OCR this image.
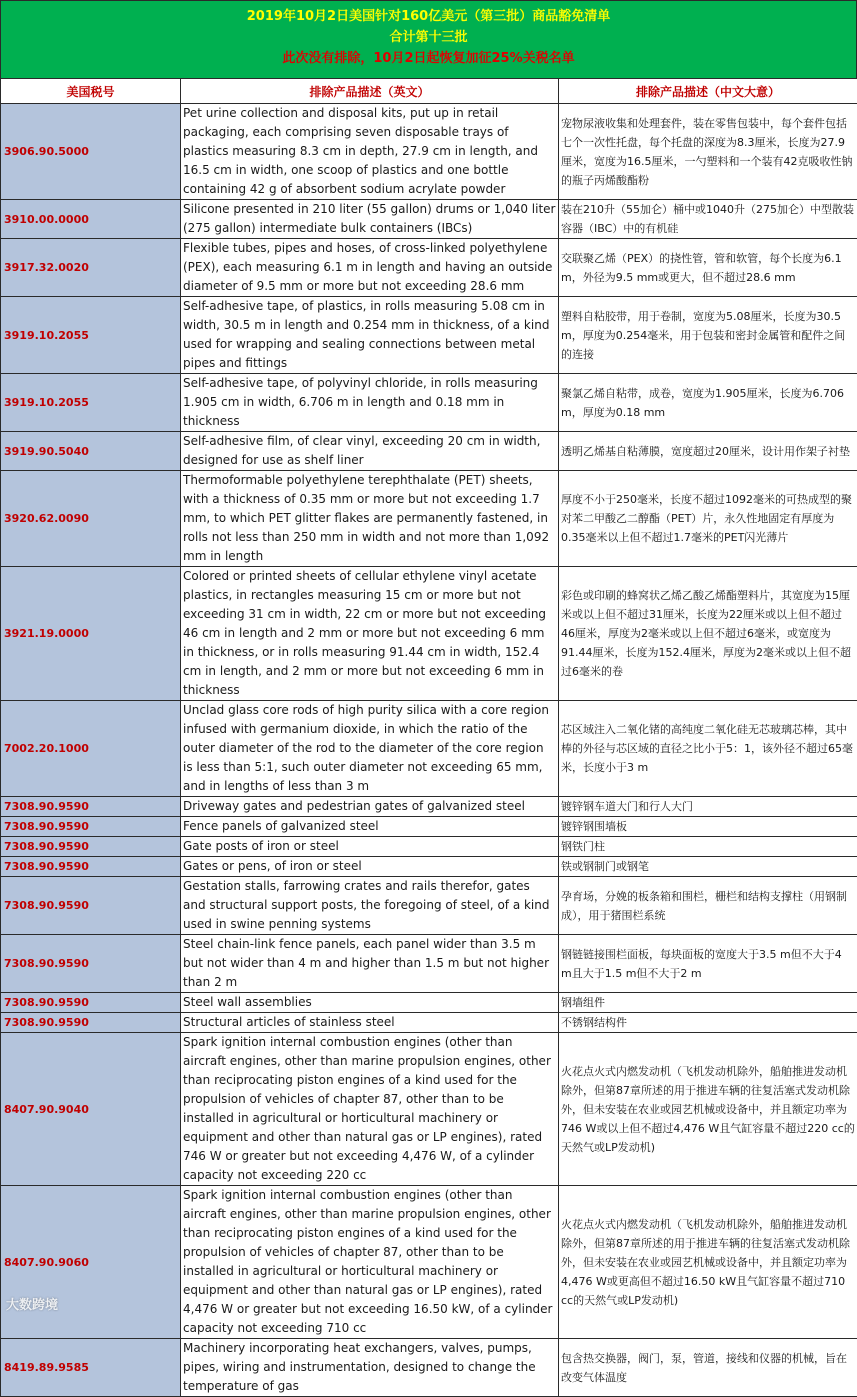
2019年10月2日美国针对160亿美元（第三批）商品豁免清单
合计第十三批
此次没有排除，10月2日起恢复加征25%关税名单
美国税号	排除产品描述（英文）	排除产品描述（中文大意）
3906.90.5000	Pet urine collection and disposal kits, put up in retail packaging, each comprising seven disposable trays of plastics measuring 8.3 cm in depth, 27.9 cm in length, and 16.5 cm in width, one scoop of plastics and one bottle containing 42 g of absorbent sodium acrylate powder	宠物尿液收集和处理套件，装在零售包装中，每个套件包括七个一次性托盘，每个托盘的深度为8.3厘米，长度为27.9厘米，宽度为16.5厘米，一勺塑料和一个装有42克吸收性钠的瓶子丙烯酸酯粉
3910.00.0000	Silicone presented in 210 liter (55 gallon) drums or 1,040 liter (275 gallon) intermediate bulk containers (IBCs)	装在210升（55加仑）桶中或1040升（275加仑）中型散装容器（IBC）中的有机硅
3917.32.0020	Flexible tubes, pipes and hoses, of cross-linked polyethylene (PEX), each measuring 6.1 m in length and having an outside diameter of 9.5 mm or more but not exceeding 28.6 mm	交联聚乙烯（PEX）的挠性管，管和软管，每个长度为6.1 m，外径为9.5 mm或更大，但不超过28.6 mm
3919.10.2055	Self-adhesive tape, of plastics, in rolls measuring 5.08 cm in width, 30.5 m in length and 0.254 mm in thickness, of a kind used for wrapping and sealing connections between metal pipes and fittings	塑料自粘胶带，用于卷制，宽度为5.08厘米，长度为30.5 m，厚度为0.254毫米，用于包装和密封金属管和配件之间的连接
3919.10.2055	Self-adhesive tape, of polyvinyl chloride, in rolls measuring 1.905 cm in width, 6.706 m in length and 0.18 mm in thickness	聚氯乙烯自粘带，成卷，宽度为1.905厘米，长度为6.706 m，厚度为0.18 mm
3919.90.5040	Self-adhesive film, of clear vinyl, exceeding 20 cm in width, designed for use as shelf liner	透明乙烯基自粘薄膜，宽度超过20厘米，设计用作架子衬垫
3920.62.0090	Thermoformable polyethylene terephthalate (PET) sheets, with a thickness of 0.35 mm or more but not exceeding 1.7 mm, to which PET glitter flakes are permanently fastened, in rolls not less than 250 mm in width and not more than 1,092 mm in length	厚度不小于250毫米，长度不超过1092毫米的可热成型的聚对苯二甲酸乙二醇酯（PET）片，永久性地固定有厚度为0.35毫米以上但不超过1.7毫米的PET闪光薄片
3921.19.0000	Colored or printed sheets of cellular ethylene vinyl acetate plastics, in rectangles measuring 15 cm or more but not exceeding 31 cm in width, 22 cm or more but not exceeding 46 cm in length and 2 mm or more but not exceeding 6 mm in thickness, or in rolls measuring 91.44 cm in width, 152.4 cm in length, and 2 mm or more but not exceeding 6 mm in thickness	彩色或印刷的蜂窝状乙烯乙酸乙烯酯塑料片，其宽度为15厘米或以上但不超过31厘米，长度为22厘米或以上但不超过46厘米，厚度为2毫米或以上但不超过6毫米，或宽度为91.44厘米，长度为152.4厘米，厚度为2毫米或以上但不超过6毫米的卷
7002.20.1000	Unclad glass core rods of high purity silica with a core region infused with germanium dioxide, in which the ratio of the outer diameter of the rod to the diameter of the core region is less than 5:1, such outer diameter not exceeding 65 mm, and in lengths of less than 3 m	芯区域注入二氧化锗的高纯度二氧化硅无芯玻璃芯棒，其中棒的外径与芯区域的直径之比小于5：1，该外径不超过65毫米，长度小于3 m
7308.90.9590	Driveway gates and pedestrian gates of galvanized steel	镀锌钢车道大门和行人大门
7308.90.9590	Fence panels of galvanized steel	镀锌钢围墙板
7308.90.9590	Gate posts of iron or steel	钢铁门柱
7308.90.9590	Gates or pens, of iron or steel	铁或钢制门或钢笔
7308.90.9590	Gestation stalls, farrowing crates and rails therefor, gates and structural support posts, the foregoing of steel, of a kind used in swine penning systems	孕育场，分娩的板条箱和围栏，栅栏和结构支撑柱（用钢制成），用于猪围栏系统
7308.90.9590	Steel chain-link fence panels, each panel wider than 3.5 m but not wider than 4 m and higher than 1.5 m but not higher than 2 m	钢链链接围栏面板，每块面板的宽度大于3.5 m但不大于4 m且大于1.5 m但不大于2 m
7308.90.9590	Steel wall assemblies	钢墙组件
7308.90.9590	Structural articles of stainless steel	不锈钢结构件
8407.90.9040	Spark ignition internal combustion engines (other than aircraft engines, other than marine propulsion engines, other than reciprocating piston engines of a kind used for the propulsion of vehicles of chapter 87, other than to be installed in agricultural or horticultural machinery or equipment and other than natural gas or LP engines), rated 746 W or greater but not exceeding 4,476 W, of a cylinder capacity not exceeding 220 cc	火花点火式内燃发动机（飞机发动机除外，船舶推进发动机除外，但第87章所述的用于推进车辆的往复活塞式发动机除外，但未安装在农业或园艺机械或设备中，并且额定功率为746 W或以上但不超过4,476 W且气缸容量不超过220 cc的天然气或LP发动机)
8407.90.9060	Spark ignition internal combustion engines (other than aircraft engines, other than marine propulsion engines, other than reciprocating piston engines of a kind used for the propulsion of vehicles of chapter 87, other than to be installed in agricultural or horticultural machinery or equipment and other than natural gas or LP engines), rated 4,476 W or greater but not exceeding 16.50 kW, of a cylinder capacity not exceeding 710 cc	火花点火式内燃发动机（飞机发动机除外，船舶推进发动机除外，但第87章所述的用于推进车辆的往复活塞式发动机除外，但未安装在农业或园艺机械或设备中，并且额定功率为4,476 W或更高但不超过16.50 kW且气缸容量不超过710 cc的天然气或LP发动机)
8419.89.9585	Machinery incorporating heat exchangers, valves, pumps, pipes, wiring and instrumentation, designed to change the temperature of gas	包含热交换器，阀门，泵，管道，接线和仪器的机械，旨在改变气体温度
大数跨境
